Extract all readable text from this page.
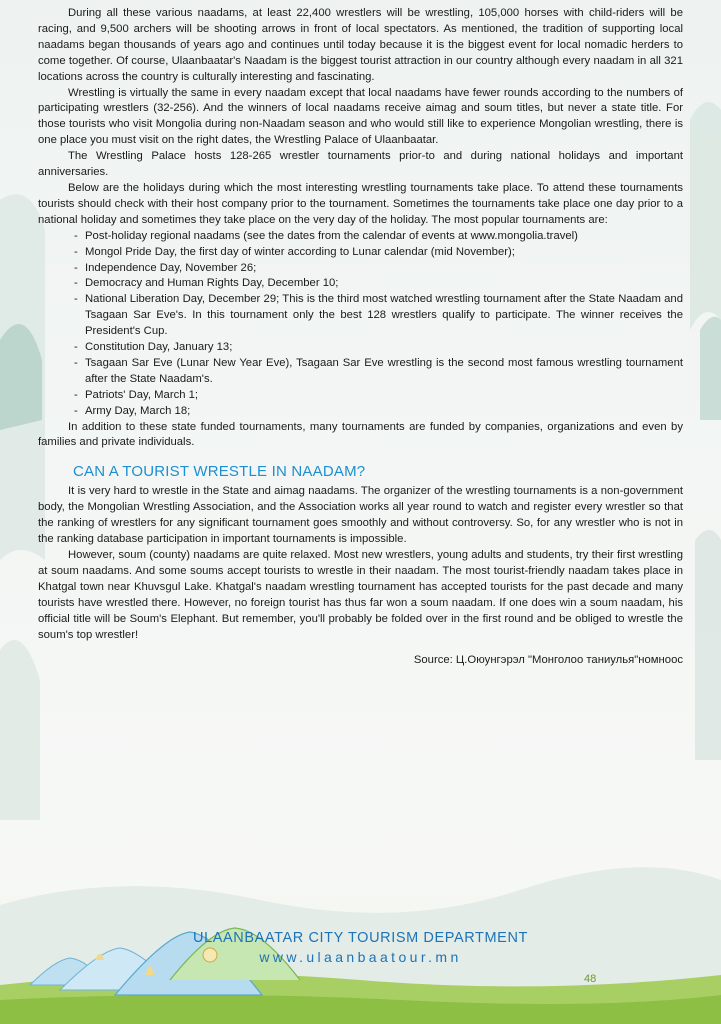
During all these various naadams, at least 22,400 wrestlers will be wrestling, 105,000 horses with child-riders will be racing, and 9,500 archers will be shooting arrows in front of local spectators. As mentioned, the tradition of supporting local naadams began thousands of years ago and continues until today because it is the biggest event for local nomadic herders to come together. Of course, Ulaanbaatar's Naadam is the biggest tourist attraction in our country although every naadam in all 321 locations across the country is culturally interesting and fascinating.

Wrestling is virtually the same in every naadam except that local naadams have fewer rounds according to the numbers of participating wrestlers (32-256). And the winners of local naadams receive aimag and soum titles, but never a state title. For those tourists who visit Mongolia during non-Naadam season and who would still like to experience Mongolian wrestling, there is one place you must visit on the right dates, the Wrestling Palace of Ulaanbaatar.

The Wrestling Palace hosts 128-265 wrestler tournaments prior-to and during national holidays and important anniversaries.

Below are the holidays during which the most interesting wrestling tournaments take place. To attend these tournaments tourists should check with their host company prior to the tournament. Sometimes the tournaments take place one day prior to a national holiday and sometimes they take place on the very day of the holiday. The most popular tournaments are:

- Post-holiday regional naadams (see the dates from the calendar of events at www.mongolia.travel)
- Mongol Pride Day, the first day of winter according to Lunar calendar (mid November);
- Independence Day, November 26;
- Democracy and Human Rights Day, December 10;
- National Liberation Day, December 29; This is the third most watched wrestling tournament after the State Naadam and Tsagaan Sar Eve's. In this tournament only the best 128 wrestlers qualify to participate. The winner receives the President's Cup.
- Constitution Day, January 13;
- Tsagaan Sar Eve (Lunar New Year Eve), Tsagaan Sar Eve wrestling is the second most famous wrestling tournament after the State Naadam's.
- Patriots' Day, March 1;
- Army Day, March 18;

In addition to these state funded tournaments, many tournaments are funded by companies, organizations and even by families and private individuals.

CAN A TOURIST WRESTLE IN NAADAM?

It is very hard to wrestle in the State and aimag naadams. The organizer of the wrestling tournaments is a non-government body, the Mongolian Wrestling Association, and the Association works all year round to watch and register every wrestler so that the ranking of wrestlers for any significant tournament goes smoothly and without controversy. So, for any wrestler who is not in the ranking database participation in important tournaments is impossible.

However, soum (county) naadams are quite relaxed. Most new wrestlers, young adults and students, try their first wrestling at soum naadams. And some soums accept tourists to wrestle in their naadam. The most tourist-friendly naadam takes place in Khatgal town near Khuvsgul Lake. Khatgal's naadam wrestling tournament has accepted tourists for the past decade and many tourists have wrestled there. However, no foreign tourist has thus far won a soum naadam. If one does win a soum naadam, his official title will be Soum's Elephant. But remember, you'll probably be folded over in the first round and be obliged to wrestle the soum's top wrestler!

Source: Ц.Оюунгэрэл "Монголоо таниулья"номноос
ULAANBAATAR CITY TOURISM DEPARTMENT
www.ulaanbaatour.mn
48
